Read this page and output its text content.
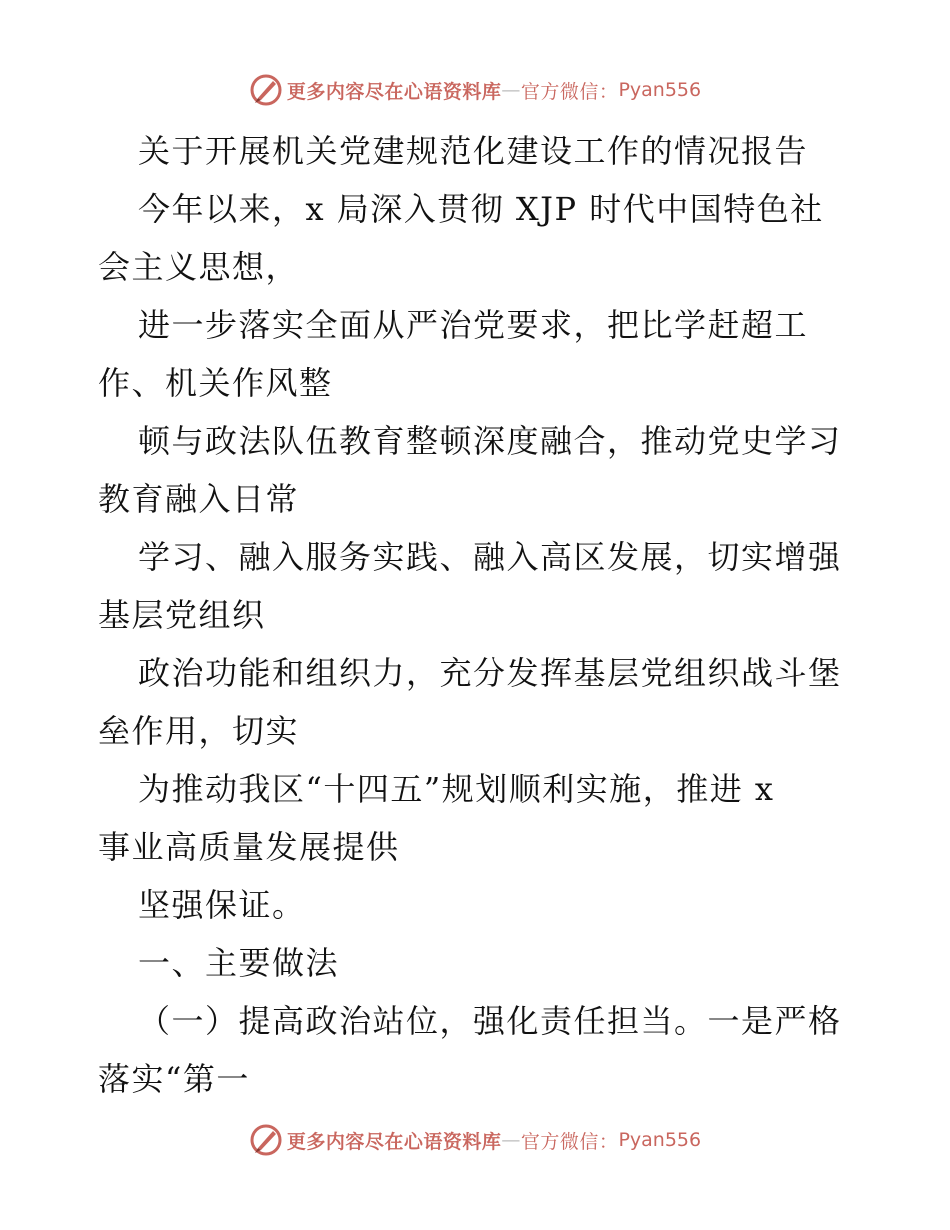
更多内容尽在心语资料库 — 官方微信： Pyan556
关于开展机关党建规范化建设工作的情况报告
今年以来，x 局深入贯彻 XJP 时代中国特色社
会主义思想，
进一步落实全面从严治党要求，把比学赶超工
作、机关作风整
顿与政法队伍教育整顿深度融合，推动党史学习
教育融入日常
学习、融入服务实践、融入高区发展，切实增强
基层党组织
政治功能和组织力，充分发挥基层党组织战斗堡
垒作用，切实
为推动我区“十四五”规划顺利实施，推进 x
事业高质量发展提供
坚强保证。
一、主要做法
（一）提高政治站位，强化责任担当。一是严格
落实“第一
更多内容尽在心语资料库 — 官方微信： Pyan556
